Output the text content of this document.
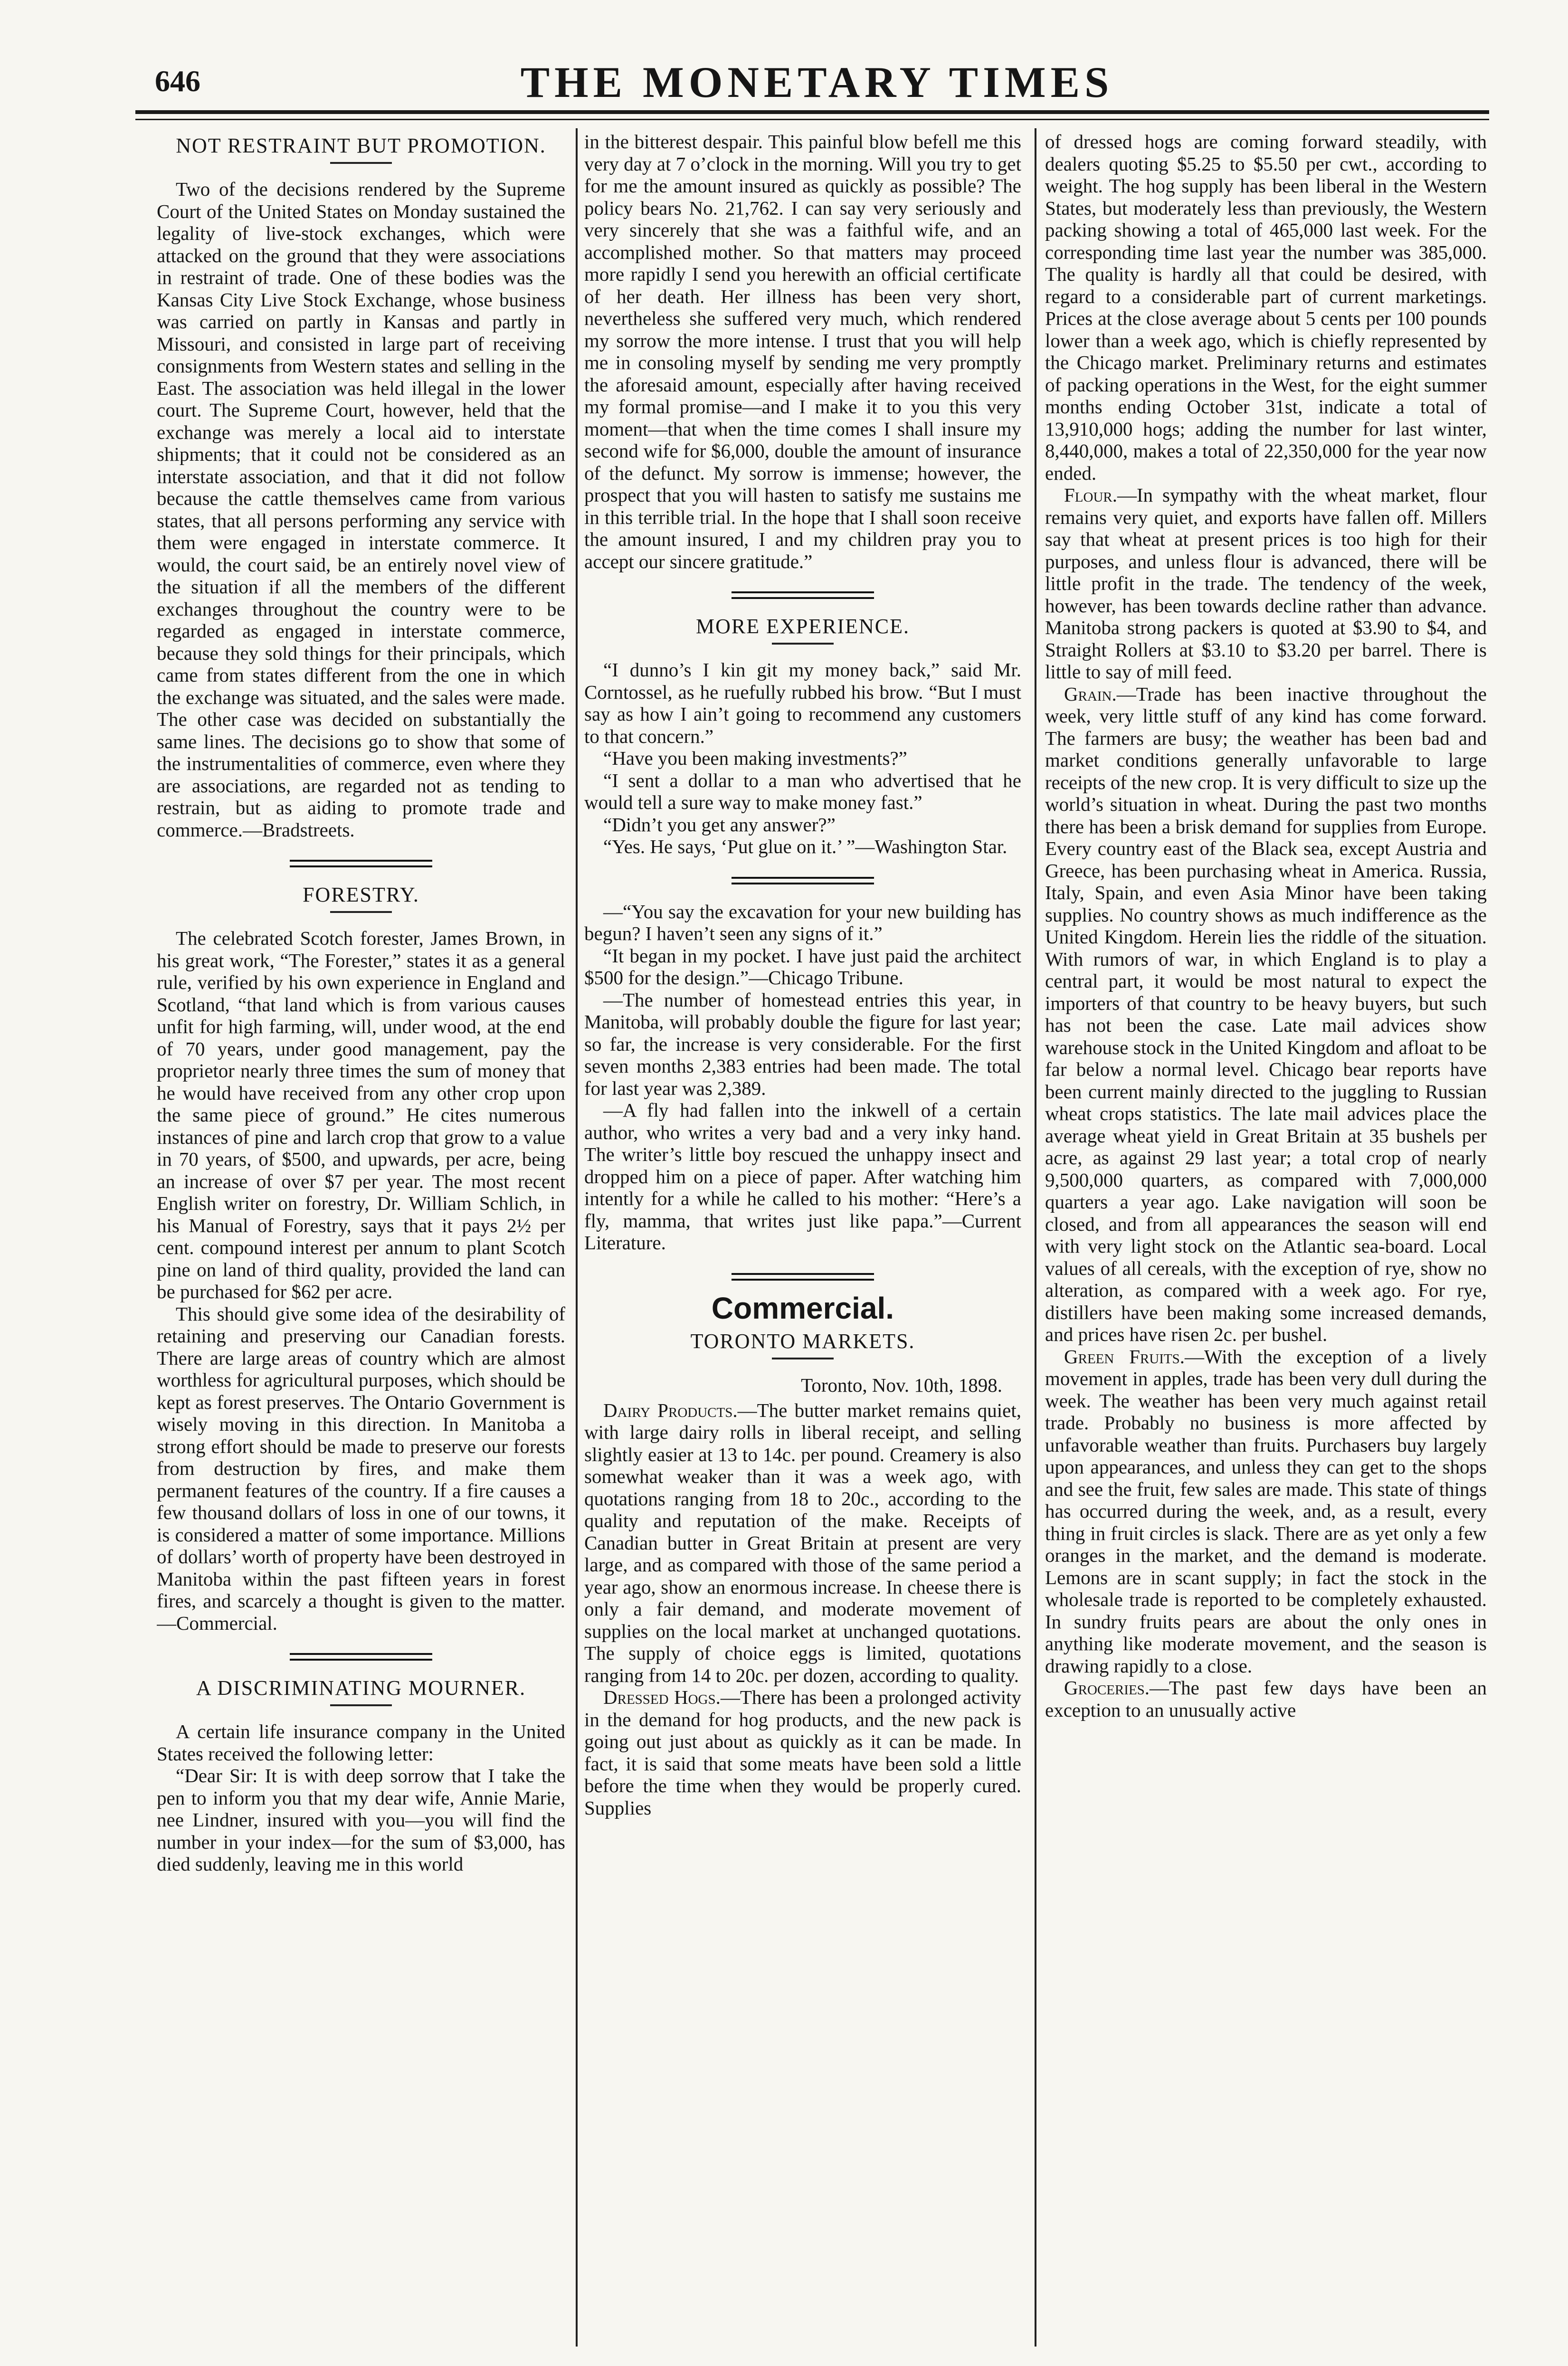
646	THE MONETARY TIMES
NOT RESTRAINT BUT PROMOTION.

Two of the decisions rendered by the Supreme Court of the United States on Monday sustained the legality of live-stock exchanges, which were attacked on the ground that they were associations in restraint of trade. One of these bodies was the Kansas City Live Stock Exchange, whose business was carried on partly in Kansas and partly in Missouri, and consisted in large part of receiving consignments from Western states and selling in the East. The association was held illegal in the lower court. The Supreme Court, however, held that the exchange was merely a local aid to interstate shipments; that it could not be considered as an interstate association, and that it did not follow because the cattle themselves came from various states, that all persons performing any service with them were engaged in interstate commerce. It would, the court said, be an entirely novel view of the situation if all the members of the different exchanges throughout the country were to be regarded as engaged in interstate commerce, because they sold things for their principals, which came from states different from the one in which the exchange was situated, and the sales were made. The other case was decided on substantially the same lines. The decisions go to show that some of the instrumentalities of commerce, even where they are associations, are regarded not as tending to restrain, but as aiding to promote trade and commerce.—Bradstreets.

FORESTRY.

The celebrated Scotch forester, James Brown, in his great work, “The Forester,” states it as a general rule, verified by his own experience in England and Scotland, “that land which is from various causes unfit for high farming, will, under wood, at the end of 70 years, under good management, pay the proprietor nearly three times the sum of money that he would have received from any other crop upon the same piece of ground.” He cites numerous instances of pine and larch crop that grow to a value in 70 years, of $500, and upwards, per acre, being an increase of over $7 per year. The most recent English writer on forestry, Dr. William Schlich, in his Manual of Forestry, says that it pays 2½ per cent. compound interest per annum to plant Scotch pine on land of third quality, provided the land can be purchased for $62 per acre.

This should give some idea of the desirability of retaining and preserving our Canadian forests. There are large areas of country which are almost worthless for agricultural purposes, which should be kept as forest preserves. The Ontario Government is wisely moving in this direction. In Manitoba a strong effort should be made to preserve our forests from destruction by fires, and make them permanent features of the country. If a fire causes a few thousand dollars of loss in one of our towns, it is considered a matter of some importance. Millions of dollars’ worth of property have been destroyed in Manitoba within the past fifteen years in forest fires, and scarcely a thought is given to the matter.—Commercial.

A DISCRIMINATING MOURNER.

A certain life insurance company in the United States received the following letter:

“Dear Sir: It is with deep sorrow that I take the pen to inform you that my dear wife, Annie Marie, nee Lindner, insured with you—you will find the number in your index—for the sum of $3,000, has died suddenly, leaving me in this world

in the bitterest despair. This painful blow befell me this very day at 7 o’clock in the morning. Will you try to get for me the amount insured as quickly as possible? The policy bears No. 21,762. I can say very seriously and very sincerely that she was a faithful wife, and an accomplished mother. So that matters may proceed more rapidly I send you herewith an official certificate of her death. Her illness has been very short, nevertheless she suffered very much, which rendered my sorrow the more intense. I trust that you will help me in consoling myself by sending me very promptly the aforesaid amount, especially after having received my formal promise—and I make it to you this very moment—that when the time comes I shall insure my second wife for $6,000, double the amount of insurance of the defunct. My sorrow is immense; however, the prospect that you will hasten to satisfy me sustains me in this terrible trial. In the hope that I shall soon receive the amount insured, I and my children pray you to accept our sincere gratitude.”

MORE EXPERIENCE.

“I dunno’s I kin git my money back,” said Mr. Corntossel, as he ruefully rubbed his brow. “But I must say as how I ain’t going to recommend any customers to that concern.”

“Have you been making investments?”

“I sent a dollar to a man who advertised that he would tell a sure way to make money fast.”

“Didn’t you get any answer?”

“Yes. He says, ‘Put glue on it.’ ”—Washington Star.

—“You say the excavation for your new building has begun? I haven’t seen any signs of it.”

“It began in my pocket. I have just paid the architect $500 for the design.”—Chicago Tribune.

—The number of homestead entries this year, in Manitoba, will probably double the figure for last year; so far, the increase is very considerable. For the first seven months 2,383 entries had been made. The total for last year was 2,389.

—A fly had fallen into the inkwell of a certain author, who writes a very bad and a very inky hand. The writer’s little boy rescued the unhappy insect and dropped him on a piece of paper. After watching him intently for a while he called to his mother: “Here’s a fly, mamma, that writes just like papa.”—Current Literature.

Commercial.
TORONTO MARKETS.
Toronto, Nov. 10th, 1898.

Dairy Products.—The butter market remains quiet, with large dairy rolls in liberal receipt, and selling slightly easier at 13 to 14c. per pound. Creamery is also somewhat weaker than it was a week ago, with quotations ranging from 18 to 20c., according to the quality and reputation of the make. Receipts of Canadian butter in Great Britain at present are very large, and as compared with those of the same period a year ago, show an enormous increase. In cheese there is only a fair demand, and moderate movement of supplies on the local market at unchanged quotations. The supply of choice eggs is limited, quotations ranging from 14 to 20c. per dozen, according to quality.

Dressed Hogs.—There has been a prolonged activity in the demand for hog products, and the new pack is going out just about as quickly as it can be made. In fact, it is said that some meats have been sold a little before the time when they would be properly cured. Supplies

of dressed hogs are coming forward steadily, with dealers quoting $5.25 to $5.50 per cwt., according to weight. The hog supply has been liberal in the Western States, but moderately less than previously, the Western packing showing a total of 465,000 last week. For the corresponding time last year the number was 385,000. The quality is hardly all that could be desired, with regard to a considerable part of current marketings. Prices at the close average about 5 cents per 100 pounds lower than a week ago, which is chiefly represented by the Chicago market. Preliminary returns and estimates of packing operations in the West, for the eight summer months ending October 31st, indicate a total of 13,910,000 hogs; adding the number for last winter, 8,440,000, makes a total of 22,350,000 for the year now ended.

Flour.—In sympathy with the wheat market, flour remains very quiet, and exports have fallen off. Millers say that wheat at present prices is too high for their purposes, and unless flour is advanced, there will be little profit in the trade. The tendency of the week, however, has been towards decline rather than advance. Manitoba strong packers is quoted at $3.90 to $4, and Straight Rollers at $3.10 to $3.20 per barrel. There is little to say of mill feed.

Grain.—Trade has been inactive throughout the week, very little stuff of any kind has come forward. The farmers are busy; the weather has been bad and market conditions generally unfavorable to large receipts of the new crop. It is very difficult to size up the world’s situation in wheat. During the past two months there has been a brisk demand for supplies from Europe. Every country east of the Black sea, except Austria and Greece, has been purchasing wheat in America. Russia, Italy, Spain, and even Asia Minor have been taking supplies. No country shows as much indifference as the United Kingdom. Herein lies the riddle of the situation. With rumors of war, in which England is to play a central part, it would be most natural to expect the importers of that country to be heavy buyers, but such has not been the case. Late mail advices show warehouse stock in the United Kingdom and afloat to be far below a normal level. Chicago bear reports have been current mainly directed to the juggling to Russian wheat crops statistics. The late mail advices place the average wheat yield in Great Britain at 35 bushels per acre, as against 29 last year; a total crop of nearly 9,500,000 quarters, as compared with 7,000,000 quarters a year ago. Lake navigation will soon be closed, and from all appearances the season will end with very light stock on the Atlantic sea-board. Local values of all cereals, with the exception of rye, show no alteration, as compared with a week ago. For rye, distillers have been making some increased demands, and prices have risen 2c. per bushel.

Green Fruits.—With the exception of a lively movement in apples, trade has been very dull during the week. The weather has been very much against retail trade. Probably no business is more affected by unfavorable weather than fruits. Purchasers buy largely upon appearances, and unless they can get to the shops and see the fruit, few sales are made. This state of things has occurred during the week, and, as a result, every thing in fruit circles is slack. There are as yet only a few oranges in the market, and the demand is moderate. Lemons are in scant supply; in fact the stock in the wholesale trade is reported to be completely exhausted. In sundry fruits pears are about the only ones in anything like moderate movement, and the season is drawing rapidly to a close.

Groceries.—The past few days have been an exception to an unusually active
